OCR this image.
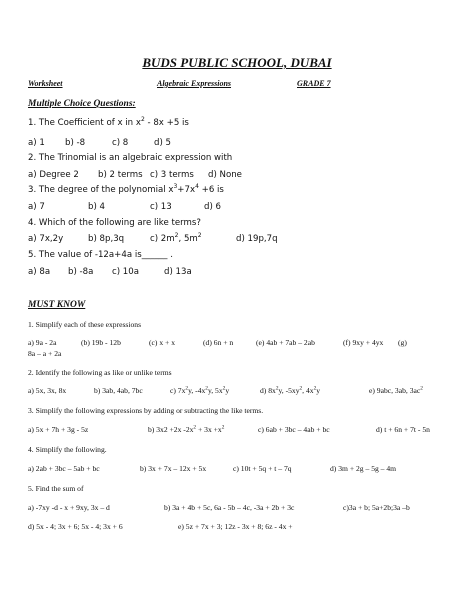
BUDS PUBLIC SCHOOL, DUBAI
Worksheet	Algebraic Expressions	GRADE 7
Multiple Choice Questions:
1. The Coefficient of x in $x^2 - 8x +5$ is
a) 1 b) -8	c) 8	d) 5
2. The Trinomial is an algebraic expression with
a) Degree 2 b) 2 terms c) 3 terms d) None
3. The degree of the polynomial $x^3+7x^4 +6$ is
a) 7	b) 4	c) 13	d) 6
4. Which of the following are like terms?
a) 7x,2y	b) 8p,3q	c) $2m^2$, $5m^2$	d) 19p,7q
5. The value of -12a+4a is______ .
a) 8a b) -8a c) 10a	d) 13a
MUST KNOW
1. Simplify each of these expressions
a) 9a - 2a	(b) 19b - 12b	(c) x + x	(d) 6n + n	(e) 4ab + 7ab – 2ab	(f) 9xy + 4yx (g)
8a – a + 2a
2. Identify the following as like or unlike terms
a) 5x, 3x, 8x	b) 3ab, 4ab, 7bc	c) $7x^2y$, $-4x^2y$, $5x^2y$	d) $8x^2y$, $-5xy^2$, $4x^2y$	e) 9abc, 3ab, $3ac^2$
3. Simplify the following expressions by adding or subtracting the like terms.
a) 5x + 7h + 3g - 5z	b) 3x2 +2x $-2x^2 + 3x +x^2$	c) 6ab + 3bc – 4ab + bc	d) t + 6n + 7t - 5n
4. Simplify the following.
a) 2ab + 3bc – 5ab + bc	b) 3x + 7x – 12x + 5x	c) 10t + 5q + t – 7q	d) 3m + 2g – 5g – 4m
5. Find the sum of
a) -7xy -d - x + 9xy, 3x – d	b) 3a + 4b + 5c, 6a - 5b – 4c, -3a + 2b + 3c	c)3a + b; 5a+2b;3a –b
d) 5x - 4; 3x + 6; 5x - 4; 3x + 6	e) 5z + 7x + 3; 12z - 3x + 8; 6z - 4x +
